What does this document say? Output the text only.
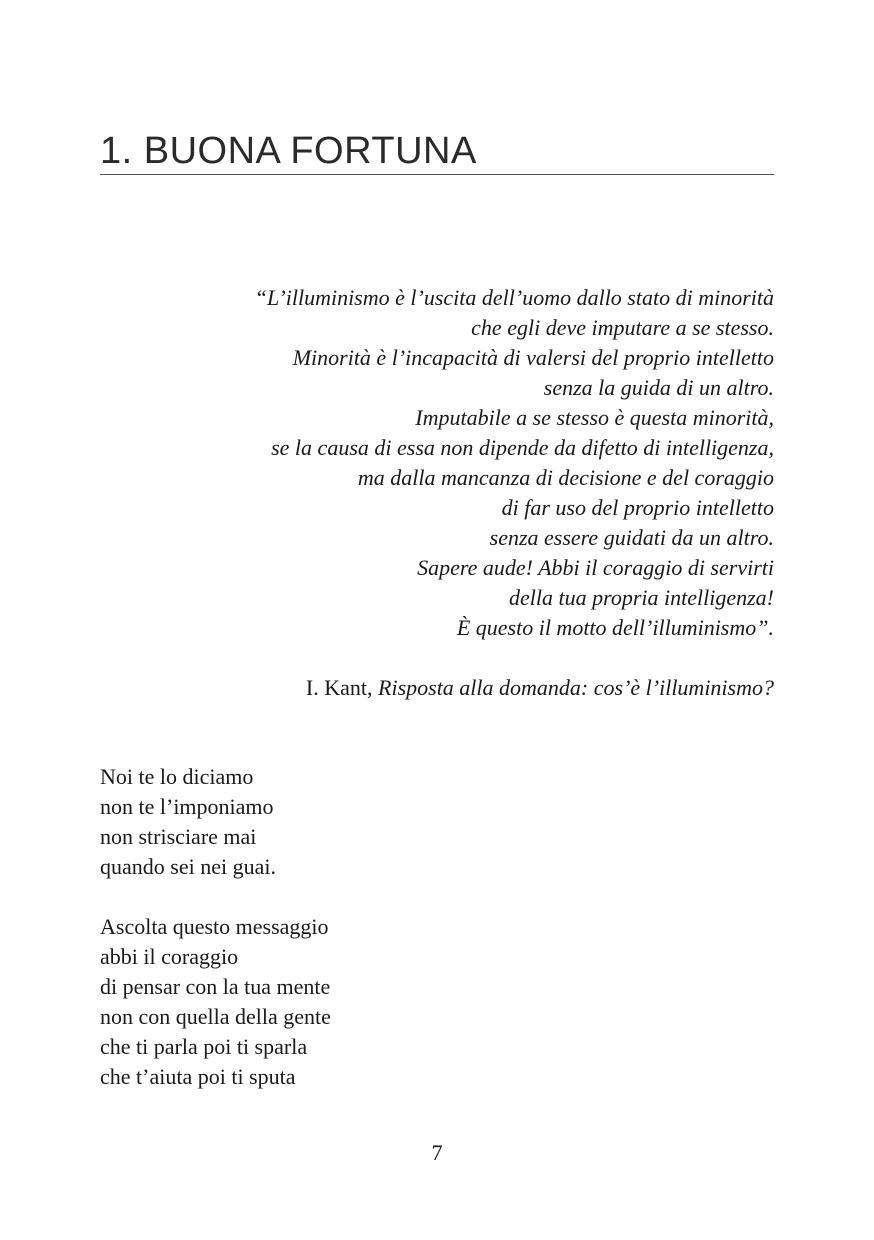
1. BUONA FORTUNA
“L’illuminismo è l’uscita dell’uomo dallo stato di minorità
che egli deve imputare a se stesso.
Minorità è l’incapacità di valersi del proprio intelletto
senza la guida di un altro.
Imputabile a se stesso è questa minorità,
se la causa di essa non dipende da difetto di intelligenza,
ma dalla mancanza di decisione e del coraggio
di far uso del proprio intelletto
senza essere guidati da un altro.
Sapere aude! Abbi il coraggio di servirti
della tua propria intelligenza!
È questo il motto dell’illuminismo”.
I. Kant, Risposta alla domanda: cos’è l’illuminismo?
Noi te lo diciamo
non te l’imponiamo
non strisciare mai
quando sei nei guai.
Ascolta questo messaggio
abbi il coraggio
di pensar con la tua mente
non con quella della gente
che ti parla poi ti sparla
che t’aiuta poi ti sputa
7
